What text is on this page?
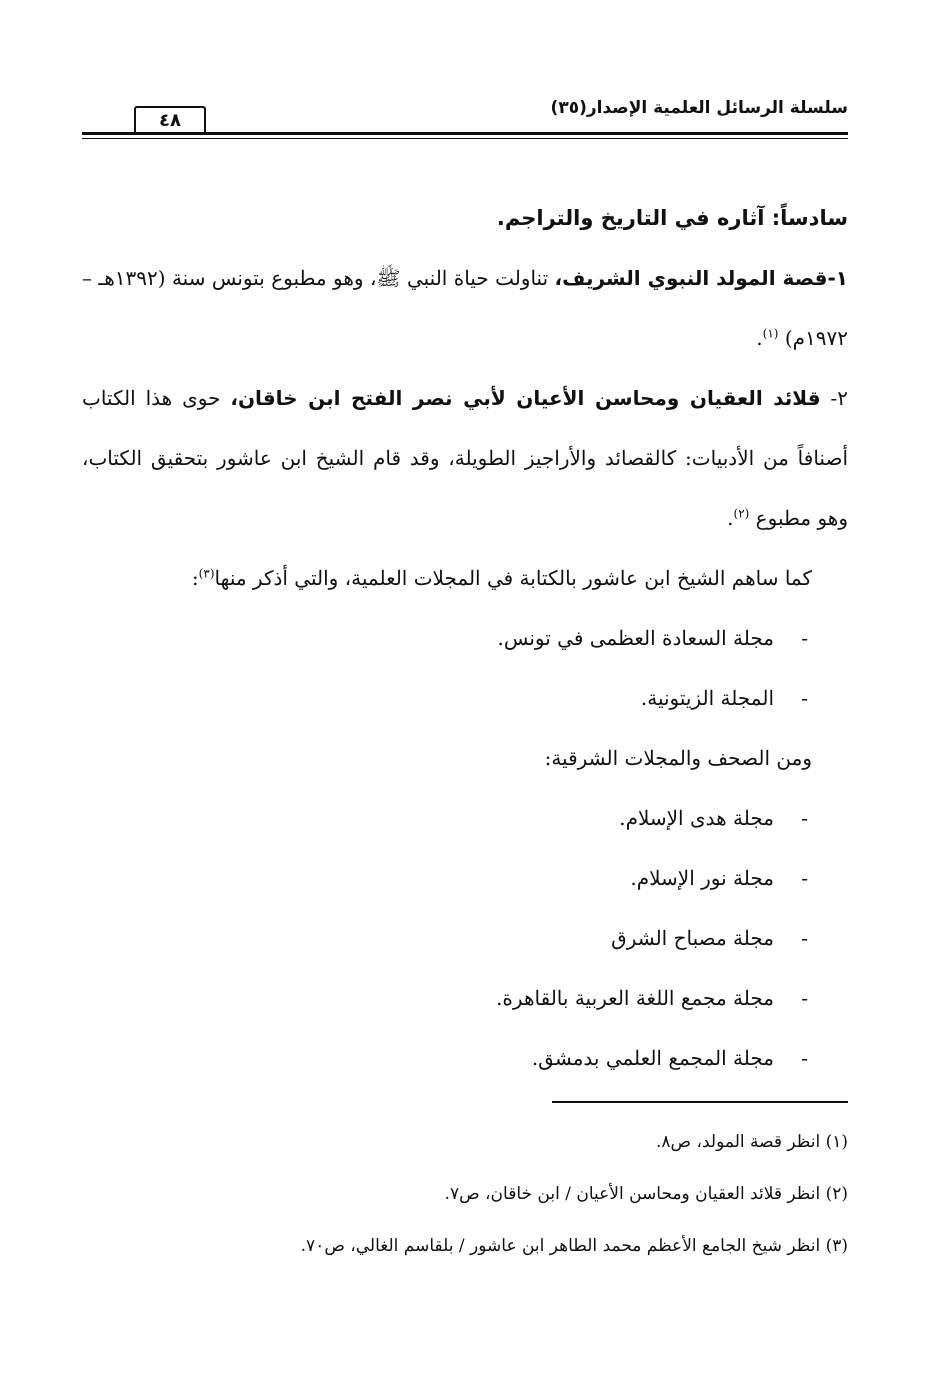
سلسلة الرسائل العلمية الإصدار(٣٥)
٤٨

سادساً: آثاره في التاريخ والتراجم.

١-قصة المولد النبوي الشريف، تناولت حياة النبي ﷺ، وهو مطبوع بتونس سنة (١٣٩٢هـ – ١٩٧٢م) $^{(١)}$.

٢- قلائد العقيان ومحاسن الأعيان لأبي نصر الفتح ابن خاقان، حوى هذا الكتاب أصنافاً من الأدبيات: كالقصائد والأراجيز الطويلة، وقد قام الشيخ ابن عاشور بتحقيق الكتاب، وهو مطبوع $^{(٢)}$.

كما ساهم الشيخ ابن عاشور بالكتابة في المجلات العلمية، والتي أذكر منها$^{(٣)}$:

-مجلة السعادة العظمى في تونس.

-المجلة الزيتونية.

ومن الصحف والمجلات الشرقية:

-مجلة هدى الإسلام.

-مجلة نور الإسلام.

-مجلة مصباح الشرق

-مجلة مجمع اللغة العربية بالقاهرة.

-مجلة المجمع العلمي بدمشق.

(١) انظر قصة المولد، ص٨.

(٢) انظر قلائد العقيان ومحاسن الأعيان / ابن خاقان، ص٧.

(٣) انظر شيخ الجامع الأعظم محمد الطاهر ابن عاشور / بلقاسم الغالي، ص٧٠.
